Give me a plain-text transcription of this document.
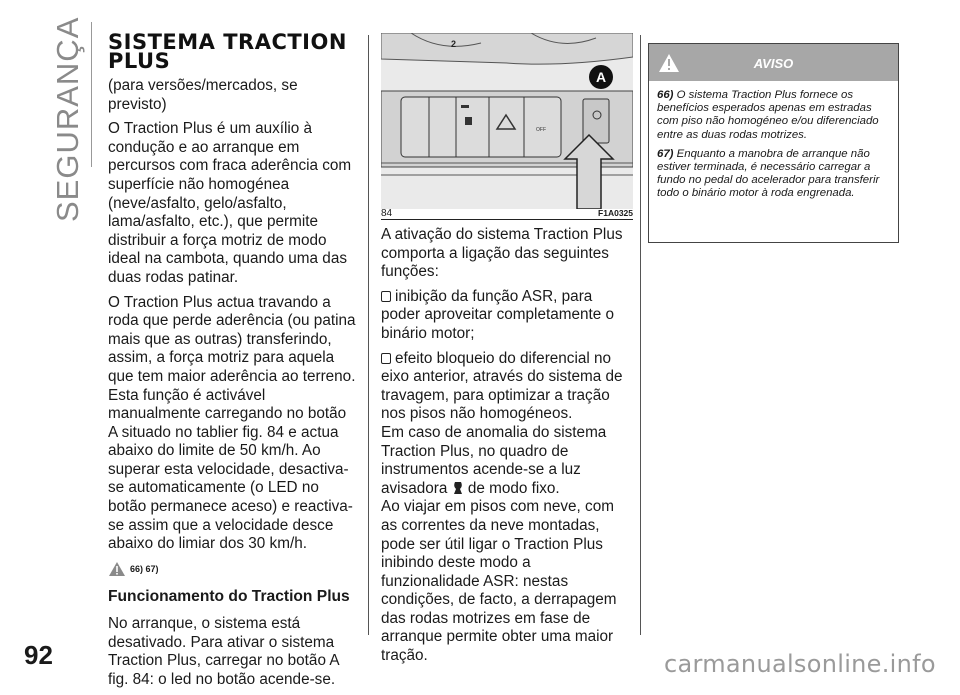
SEGURANÇA SISTEMA TRACTION
PLUS

(para versões/mercados, se previsto)

O Traction Plus é um auxílio à condução e ao arranque em percursos com fraca aderência com superfície não homogénea (neve/asfalto, gelo/asfalto, lama/asfalto, etc.), que permite distribuir a força motriz de modo ideal na cambota, quando uma das duas rodas patinar.

O Traction Plus actua travando a roda que perde aderência (ou patina mais que as outras) transferindo, assim, a força motriz para aquela que tem maior aderência ao terreno.

Esta função é activável manualmente carregando no botão A situado no tablier fig. 84 e actua abaixo do limite de 50 km/h. Ao superar esta velocidade, desactiva-se automaticamente (o LED no botão permanece aceso) e reactiva-se assim que a velocidade desce abaixo do limiar dos 30 km/h.

66) 67)
Funcionamento do Traction Plus

No arranque, o sistema está desativado. Para ativar o sistema Traction Plus, carregar no botão A fig. 84: o led no botão acende-se.

2
OFF
A
84	F1A0325

A ativação do sistema Traction Plus comporta a ligação das seguintes funções:

inibição da função ASR, para poder aproveitar completamente o binário motor;

efeito bloqueio do diferencial no eixo anterior, através do sistema de travagem, para optimizar a tração nos pisos não homogéneos.

Em caso de anomalia do sistema Traction Plus, no quadro de instrumentos acende-se a luz avisadora de modo fixo.

Ao viajar em pisos com neve, com as correntes da neve montadas, pode ser útil ligar o Traction Plus inibindo deste modo a funzionalidade ASR: nestas condições, de facto, a derrapagem das rodas motrizes em fase de arranque permite obter uma maior tração.

AVISO

66) O sistema Traction Plus fornece os benefícios esperados apenas em estradas com piso não homogéneo e/ou diferenciado entre as duas rodas motrizes.

67) Enquanto a manobra de arranque não estiver terminada, é necessário carregar a fundo no pedal do acelerador para transferir todo o binário motor à roda engrenada.

92	carmanualsonline.info
